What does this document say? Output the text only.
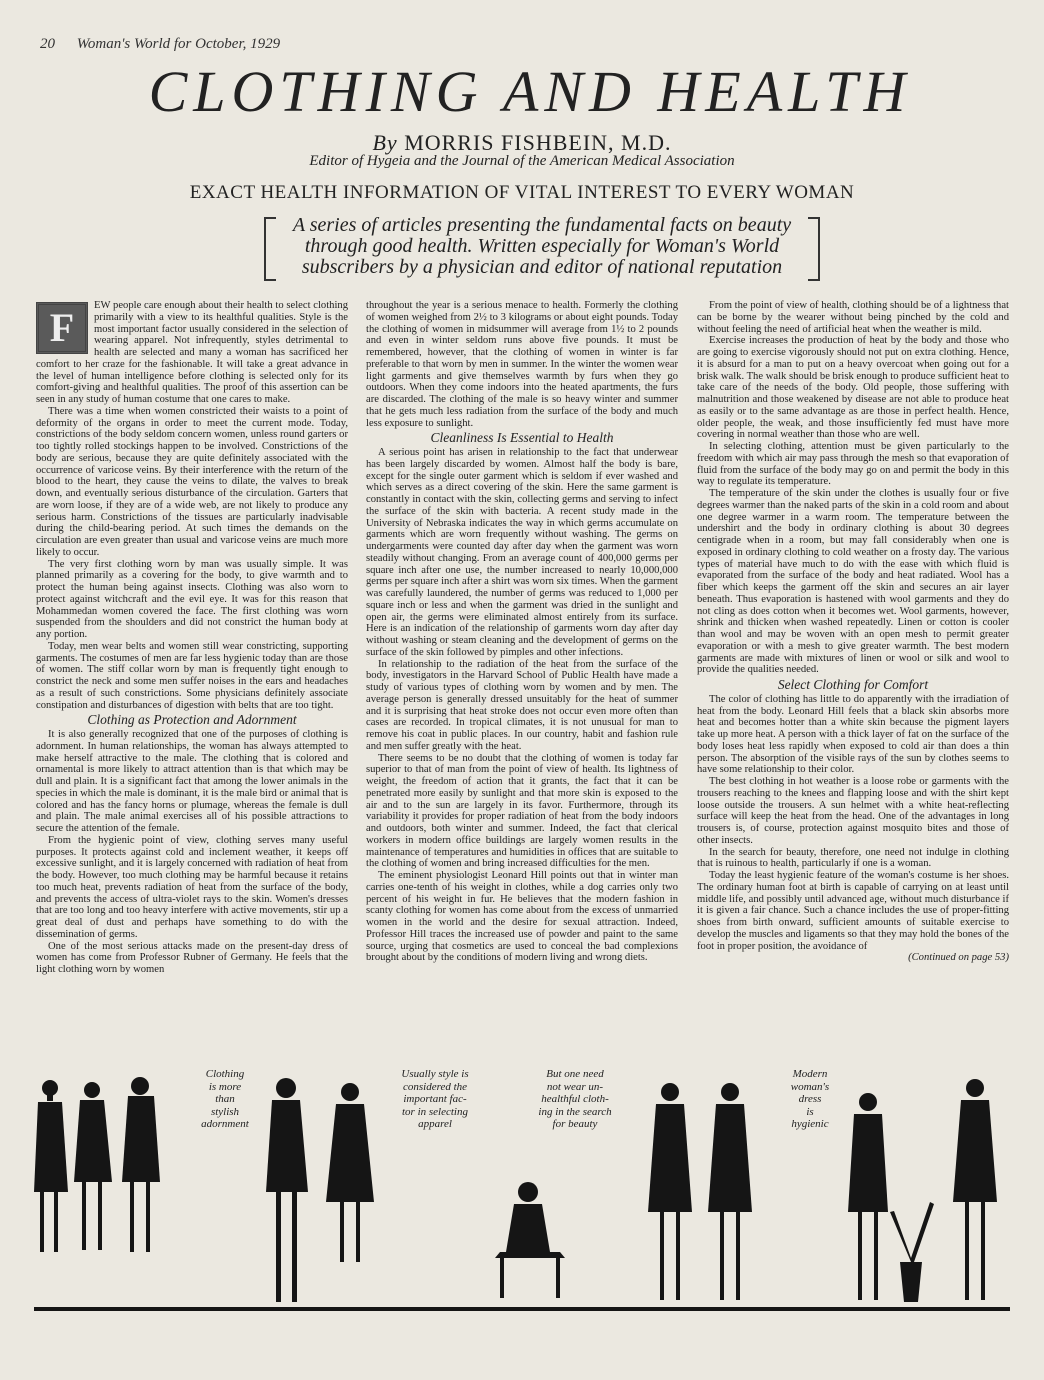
20 Woman's World for October, 1929
CLOTHING AND HEALTH
By MORRIS FISHBEIN, M.D.
Editor of Hygeia and the Journal of the American Medical Association
EXACT HEALTH INFORMATION OF VITAL INTEREST TO EVERY WOMAN

A series of articles presenting the fundamental facts on beauty

through good health. Written especially for Woman's World

subscribers by a physician and editor of national reputation

F	EW people care enough about their health to select clothing primarily with a view to its healthful qualities. Style is the most important factor usually considered in the selection of wearing apparel. Not infrequently, styles detrimental to health are selected and many a woman has sacrificed her comfort to her craze for the fashionable. It will take a great advance in the level of human intelligence before clothing is selected only for its comfort-giving and healthful qualities. The proof of this assertion can be seen in any study of human costume that one cares to make.

There was a time when women constricted their waists to a point of deformity of the organs in order to meet the current mode. Today, constrictions of the body seldom concern women, unless round garters or too tightly rolled stockings happen to be involved. Constrictions of the body are serious, because they are quite definitely associated with the occurrence of varicose veins. By their interference with the return of the blood to the heart, they cause the veins to dilate, the valves to break down, and eventually serious disturbance of the circulation. Garters that are worn loose, if they are of a wide web, are not likely to produce any serious harm. Constrictions of the tissues are particularly inadvisable during the child-bearing period. At such times the demands on the circulation are even greater than usual and varicose veins are much more likely to occur.

The very first clothing worn by man was usually simple. It was planned primarily as a covering for the body, to give warmth and to protect the human being against insects. Clothing was also worn to protect against witchcraft and the evil eye. It was for this reason that Mohammedan women covered the face. The first clothing was worn suspended from the shoulders and did not constrict the human body at any portion.

Today, men wear belts and women still wear constricting, supporting garments. The costumes of men are far less hygienic today than are those of women. The stiff collar worn by man is frequently tight enough to constrict the neck and some men suffer noises in the ears and headaches as a result of such constrictions. Some physicians definitely associate constipation and disturbances of digestion with belts that are too tight.

Clothing as Protection and Adornment

It is also generally recognized that one of the purposes of clothing is adornment. In human relationships, the woman has always attempted to make herself attractive to the male. The clothing that is colored and ornamental is more likely to attract attention than is that which may be dull and plain. It is a significant fact that among the lower animals in the species in which the male is dominant, it is the male bird or animal that is colored and has the fancy horns or plumage, whereas the female is dull and plain. The male animal exercises all of his possible attractions to secure the attention of the female.

From the hygienic point of view, clothing serves many useful purposes. It protects against cold and inclement weather, it keeps off excessive sunlight, and it is largely concerned with radiation of heat from the body. However, too much clothing may be harmful because it retains too much heat, prevents radiation of heat from the surface of the body, and prevents the access of ultra-violet rays to the skin. Women's dresses that are too long and too heavy interfere with active movements, stir up a great deal of dust and perhaps have something to do with the dissemination of germs.

One of the most serious attacks made on the present-day dress of women has come from Professor Rubner of Germany. He feels that the light clothing worn by women

throughout the year is a serious menace to health. Formerly the clothing of women weighed from 2½ to 3 kilograms or about eight pounds. Today the clothing of women in midsummer will average from 1½ to 2 pounds and even in winter seldom runs above five pounds. It must be remembered, however, that the clothing of women in winter is far preferable to that worn by men in summer. In the winter the women wear light garments and give themselves warmth by furs when they go outdoors. When they come indoors into the heated apartments, the furs are discarded. The clothing of the male is so heavy winter and summer that he gets much less radiation from the surface of the body and much less exposure to sunlight.

Cleanliness Is Essential to Health

A serious point has arisen in relationship to the fact that underwear has been largely discarded by women. Almost half the body is bare, except for the single outer garment which is seldom if ever washed and which serves as a direct covering of the skin. Here the same garment is constantly in contact with the skin, collecting germs and serving to infect the surface of the skin with bacteria. A recent study made in the University of Nebraska indicates the way in which germs accumulate on garments which are worn frequently without washing. The germs on undergarments were counted day after day when the garment was worn steadily without changing. From an average count of 400,000 germs per square inch after one use, the number increased to nearly 10,000,000 germs per square inch after a shirt was worn six times. When the garment was carefully laundered, the number of germs was reduced to 1,000 per square inch or less and when the garment was dried in the sunlight and open air, the germs were eliminated almost entirely from its surface. Here is an indication of the relationship of garments worn day after day without washing or steam cleaning and the development of germs on the surface of the skin followed by pimples and other infections.

In relationship to the radiation of the heat from the surface of the body, investigators in the Harvard School of Public Health have made a study of various types of clothing worn by women and by men. The average person is generally dressed unsuitably for the heat of summer and it is surprising that heat stroke does not occur even more often than cases are recorded. In tropical climates, it is not unusual for man to remove his coat in public places. In our country, habit and fashion rule and men suffer greatly with the heat.

There seems to be no doubt that the clothing of women is today far superior to that of man from the point of view of health. Its lightness of weight, the freedom of action that it grants, the fact that it can be penetrated more easily by sunlight and that more skin is exposed to the air and to the sun are largely in its favor. Furthermore, through its variability it provides for proper radiation of heat from the body indoors and outdoors, both winter and summer. Indeed, the fact that clerical workers in modern office buildings are largely women results in the maintenance of temperatures and humidities in offices that are suitable to the clothing of women and bring increased difficulties for the men.

The eminent physiologist Leonard Hill points out that in winter man carries one-tenth of his weight in clothes, while a dog carries only two percent of his weight in fur. He believes that the modern fashion in scanty clothing for women has come about from the excess of unmarried women in the world and the desire for sexual attraction. Indeed, Professor Hill traces the increased use of powder and paint to the same source, urging that cosmetics are used to conceal the bad complexions brought about by the conditions of modern living and wrong diets.

From the point of view of health, clothing should be of a lightness that can be borne by the wearer without being pinched by the cold and without feeling the need of artificial heat when the weather is mild.

Exercise increases the production of heat by the body and those who are going to exercise vigorously should not put on extra clothing. Hence, it is absurd for a man to put on a heavy overcoat when going out for a brisk walk. The walk should be brisk enough to produce sufficient heat to take care of the needs of the body. Old people, those suffering with malnutrition and those weakened by disease are not able to produce heat as easily or to the same advantage as are those in perfect health. Hence, older people, the weak, and those insufficiently fed must have more covering in normal weather than those who are well.

In selecting clothing, attention must be given particularly to the freedom with which air may pass through the mesh so that evaporation of fluid from the surface of the body may go on and permit the body in this way to regulate its temperature.

The temperature of the skin under the clothes is usually four or five degrees warmer than the naked parts of the skin in a cold room and about one degree warmer in a warm room. The temperature between the undershirt and the body in ordinary clothing is about 30 degrees centigrade when in a room, but may fall considerably when one is exposed in ordinary clothing to cold weather on a frosty day. The various types of material have much to do with the ease with which fluid is evaporated from the surface of the body and heat radiated. Wool has a fiber which keeps the garment off the skin and secures an air layer beneath. Thus evaporation is hastened with wool garments and they do not cling as does cotton when it becomes wet. Wool garments, however, shrink and thicken when washed repeatedly. Linen or cotton is cooler than wool and may be woven with an open mesh to permit greater evaporation or with a mesh to give greater warmth. The best modern garments are made with mixtures of linen or wool or silk and wool to provide the qualities needed.

Select Clothing for Comfort

The color of clothing has little to do apparently with the irradiation of heat from the body. Leonard Hill feels that a black skin absorbs more heat and becomes hotter than a white skin because the pigment layers take up more heat. A person with a thick layer of fat on the surface of the body loses heat less rapidly when exposed to cold air than does a thin person. The absorption of the visible rays of the sun by clothes seems to have some relationship to their color.

The best clothing in hot weather is a loose robe or garments with the trousers reaching to the knees and flapping loose and with the shirt kept loose outside the trousers. A sun helmet with a white heat-reflecting surface will keep the heat from the head. One of the advantages in long trousers is, of course, protection against mosquito bites and those of other insects.

In the search for beauty, therefore, one need not indulge in clothing that is ruinous to health, particularly if one is a woman.

Today the least hygienic feature of the woman's costume is her shoes. The ordinary human foot at birth is capable of carrying on at least until middle life, and possibly until advanced age, without much disturbance if it is given a fair chance. Such a chance includes the use of proper-fitting shoes from birth onward, sufficient amounts of suitable exercise to develop the muscles and ligaments so that they may hold the bones of the foot in proper position, the avoidance of

(Continued on page 53)
Clothing
is more
than
stylish
adornment
Usually style is
considered the
important fac-
tor in selecting
apparel
But one need
not wear un-
healthful cloth-
ing in the search
for beauty
Modern
woman's
dress
is
hygienic
